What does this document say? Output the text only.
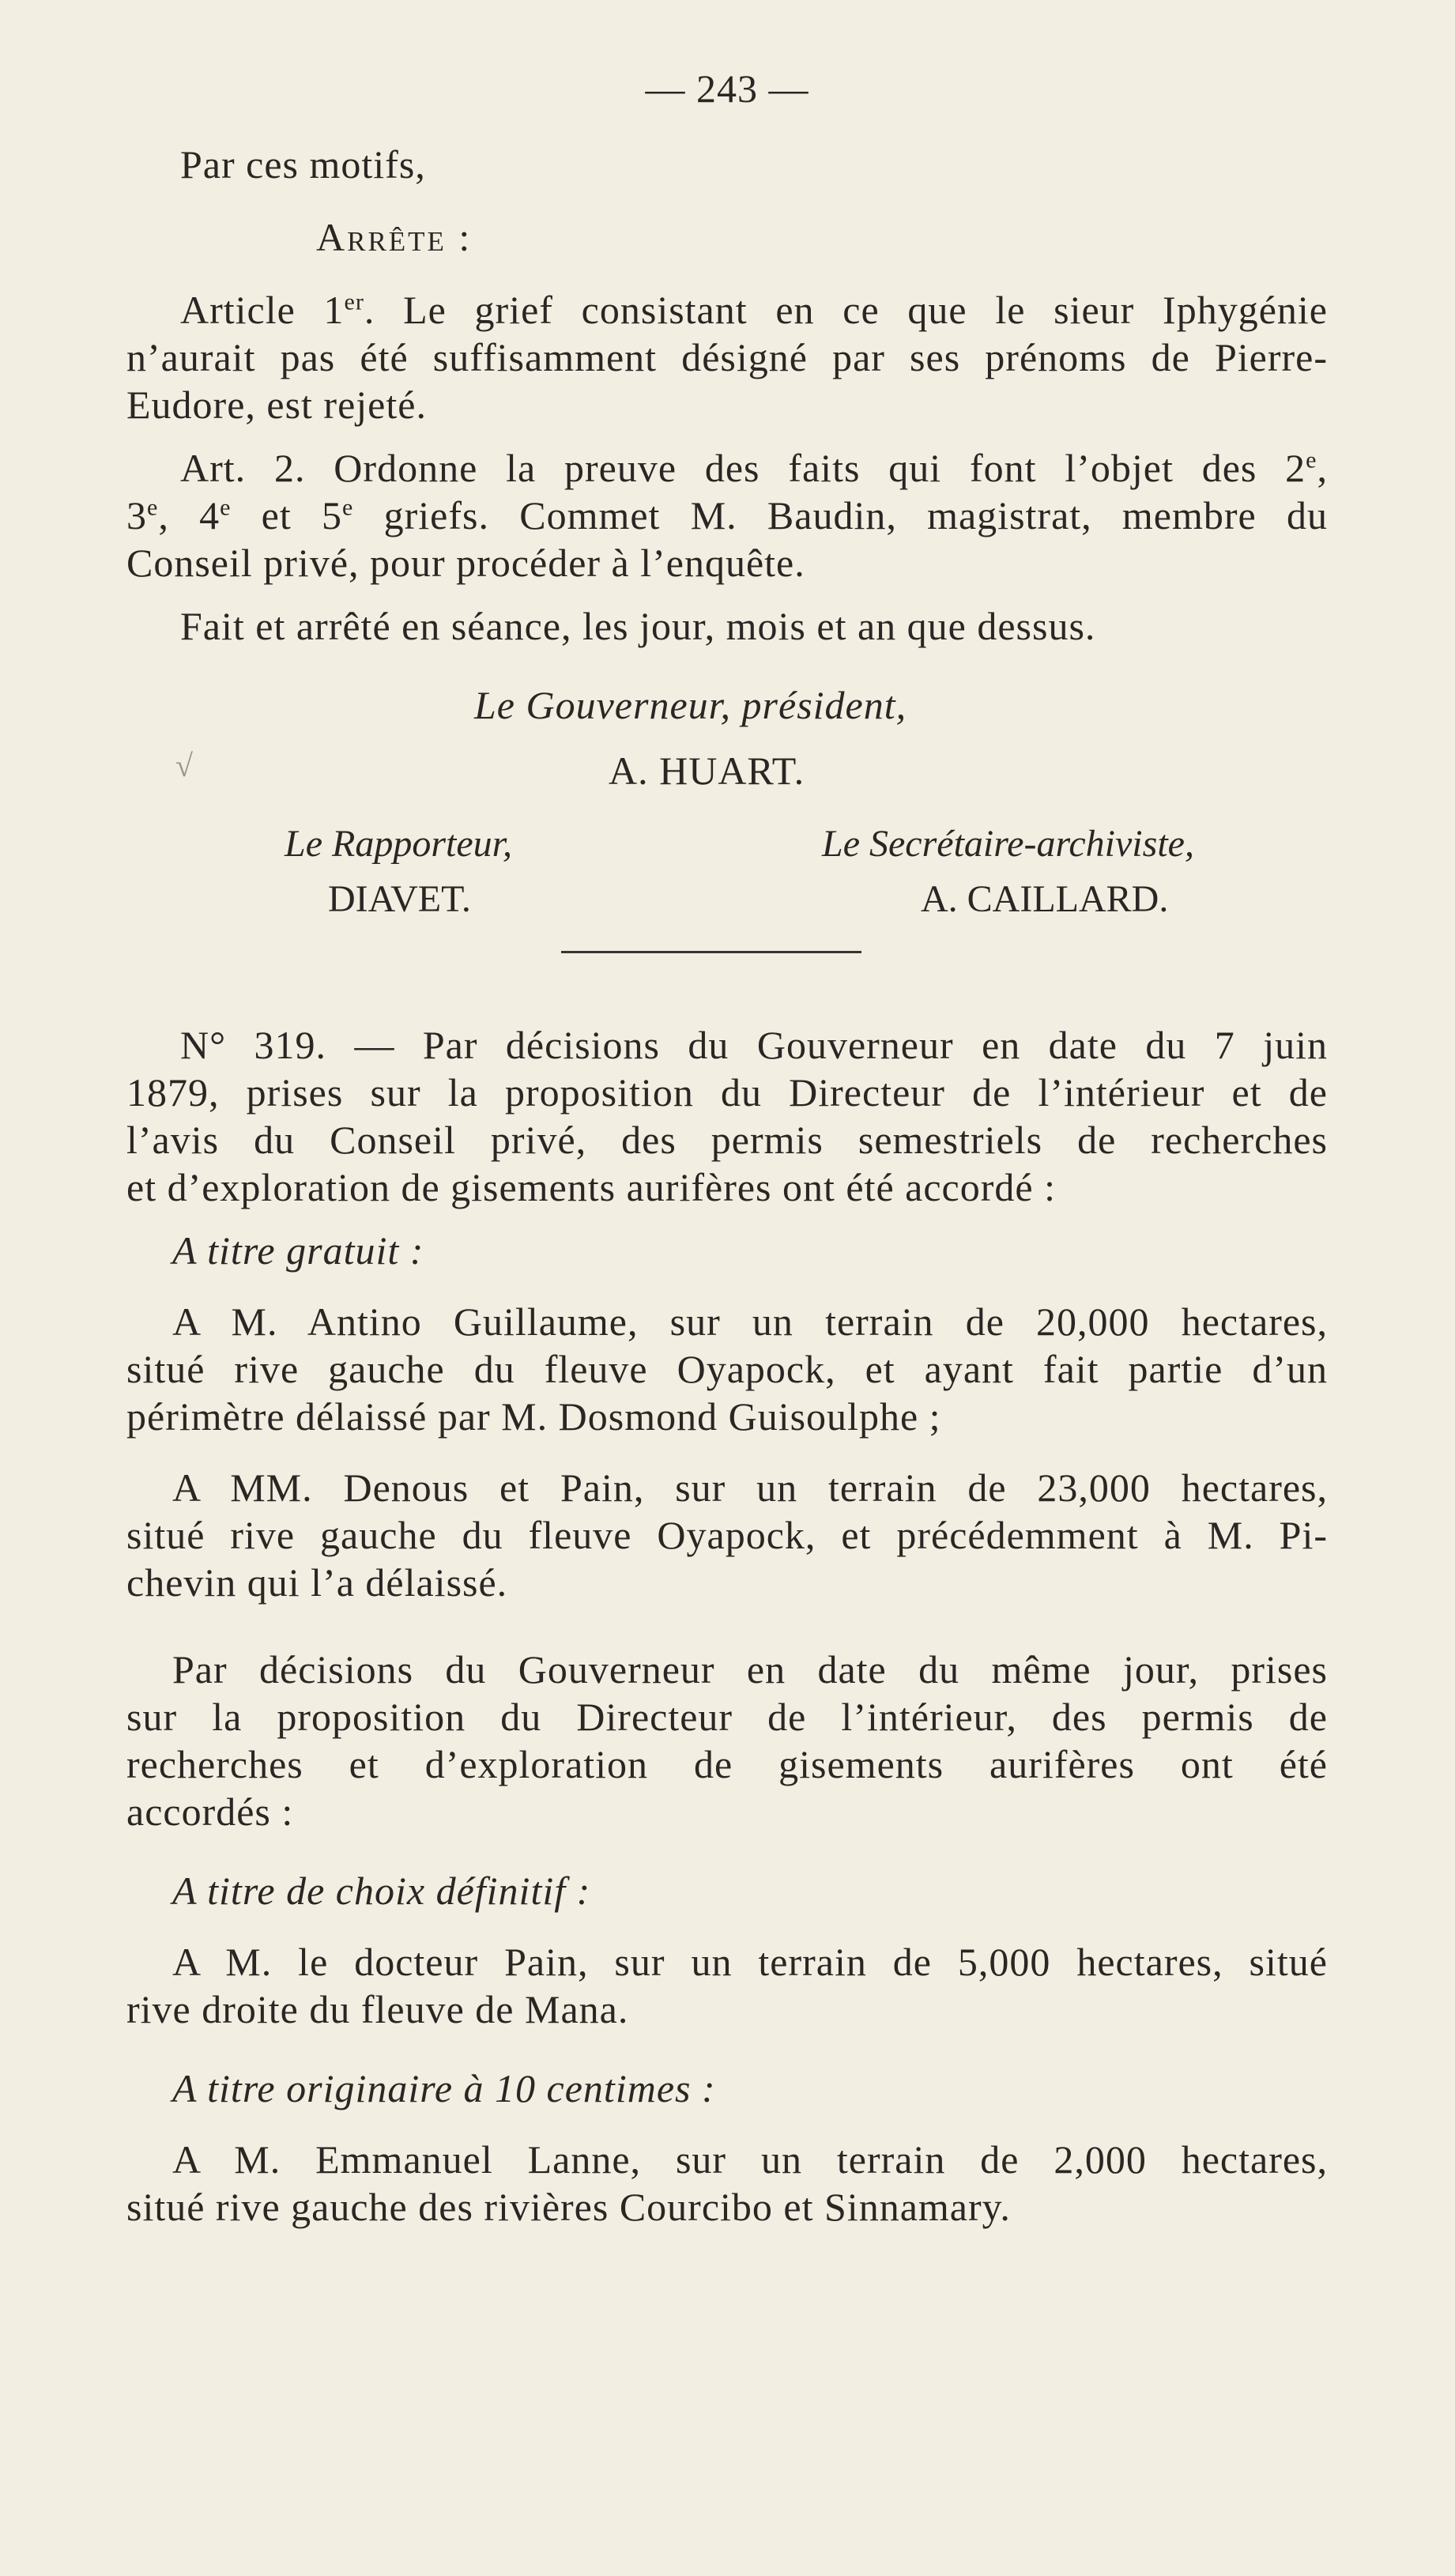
— 243 —
Par ces motifs,
Arrête :
Article 1er. Le grief consistant en ce que le sieur Iphygénie
n’aurait pas été suffisamment désigné par ses prénoms de Pierre-
Eudore, est rejeté.
Art. 2. Ordonne la preuve des faits qui font l’objet des 2e,
3e, 4e et 5e griefs. Commet M. Baudin, magistrat, membre du
Conseil privé, pour procéder à l’enquête.
Fait et arrêté en séance, les jour, mois et an que dessus.
Le Gouverneur, président,
√	A. HUART.
Le Rapporteur,	Le Secrétaire-archiviste,
DIAVET.	A. CAILLARD.
N° 319. — Par décisions du Gouverneur en date du 7 juin
1879, prises sur la proposition du Directeur de l’intérieur et de
l’avis du Conseil privé, des permis semestriels de recherches
et d’exploration de gisements aurifères ont été accordé :
A titre gratuit :
A M. Antino Guillaume, sur un terrain de 20,000 hectares,
situé rive gauche du fleuve Oyapock, et ayant fait partie d’un
périmètre délaissé par M. Dosmond Guisoulphe ;
A MM. Denous et Pain, sur un terrain de 23,000 hectares,
situé rive gauche du fleuve Oyapock, et précédemment à M. Pi-
chevin qui l’a délaissé.
Par décisions du Gouverneur en date du même jour, prises
sur la proposition du Directeur de l’intérieur, des permis de
recherches et d’exploration de gisements aurifères ont été
accordés :
A titre de choix définitif :
A M. le docteur Pain, sur un terrain de 5,000 hectares, situé
rive droite du fleuve de Mana.
A titre originaire à 10 centimes :
A M. Emmanuel Lanne, sur un terrain de 2,000 hectares,
situé rive gauche des rivières Courcibo et Sinnamary.
